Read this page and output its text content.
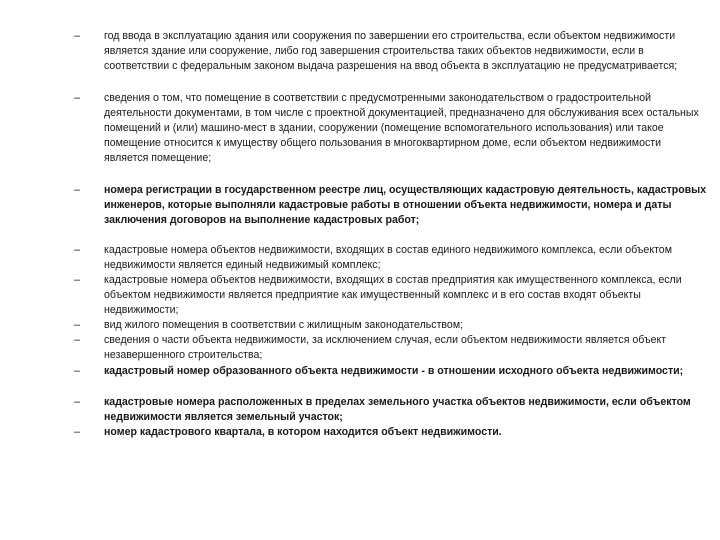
–	год ввода в эксплуатацию здания или сооружения по завершении его строительства, если объектом недвижимости является здание или сооружение, либо год завершения строительства таких объектов недвижимости, если в соответствии с федеральным законом выдача разрешения на ввод объекта в эксплуатацию не предусматривается;
–	сведения о том, что помещение в соответствии с предусмотренными законодательством о градостроительной деятельности документами, в том числе с проектной документацией, предназначено для обслуживания всех остальных помещений и (или) машино-мест в здании, сооружении (помещение вспомогательного использования) или такое помещение относится к имуществу общего пользования в многоквартирном доме, если объектом недвижимости является помещение;
–	номера регистрации в государственном реестре лиц, осуществляющих кадастровую деятельность, кадастровых инженеров, которые выполняли кадастровые работы в отношении объекта недвижимости, номера и даты заключения договоров на выполнение кадастровых работ;
–	кадастровые номера объектов недвижимости, входящих в состав единого недвижимого комплекса, если объектом недвижимости является единый недвижимый комплекс;
–	кадастровые номера объектов недвижимости, входящих в состав предприятия как имущественного комплекса, если объектом недвижимости является предприятие как имущественный комплекс и в его состав входят объекты недвижимости;
–	вид жилого помещения в соответствии с жилищным законодательством;
–	сведения о части объекта недвижимости, за исключением случая, если объектом недвижимости является объект незавершенного строительства;
–	кадастровый номер образованного объекта недвижимости - в отношении исходного объекта недвижимости;
–	кадастровые номера расположенных в пределах земельного участка объектов недвижимости, если объектом недвижимости является земельный участок;
–	номер кадастрового квартала, в котором находится объект недвижимости.
